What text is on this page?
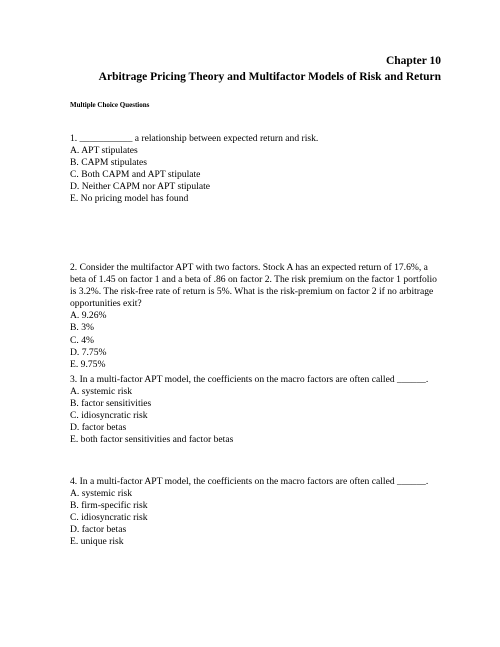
Chapter 10
Arbitrage Pricing Theory and Multifactor Models of Risk and Return
Multiple Choice Questions
1. ___________ a relationship between expected return and risk.
A. APT stipulates
B. CAPM stipulates
C. Both CAPM and APT stipulate
D. Neither CAPM nor APT stipulate
E. No pricing model has found
2. Consider the multifactor APT with two factors. Stock A has an expected return of 17.6%, a beta of 1.45 on factor 1 and a beta of .86 on factor 2. The risk premium on the factor 1 portfolio is 3.2%. The risk-free rate of return is 5%. What is the risk-premium on factor 2 if no arbitrage opportunities exit?
A. 9.26%
B. 3%
C. 4%
D. 7.75%
E. 9.75%
3. In a multi-factor APT model, the coefficients on the macro factors are often called ______.
A. systemic risk
B. factor sensitivities
C. idiosyncratic risk
D. factor betas
E. both factor sensitivities and factor betas
4. In a multi-factor APT model, the coefficients on the macro factors are often called ______.
A. systemic risk
B. firm-specific risk
C. idiosyncratic risk
D. factor betas
E. unique risk
